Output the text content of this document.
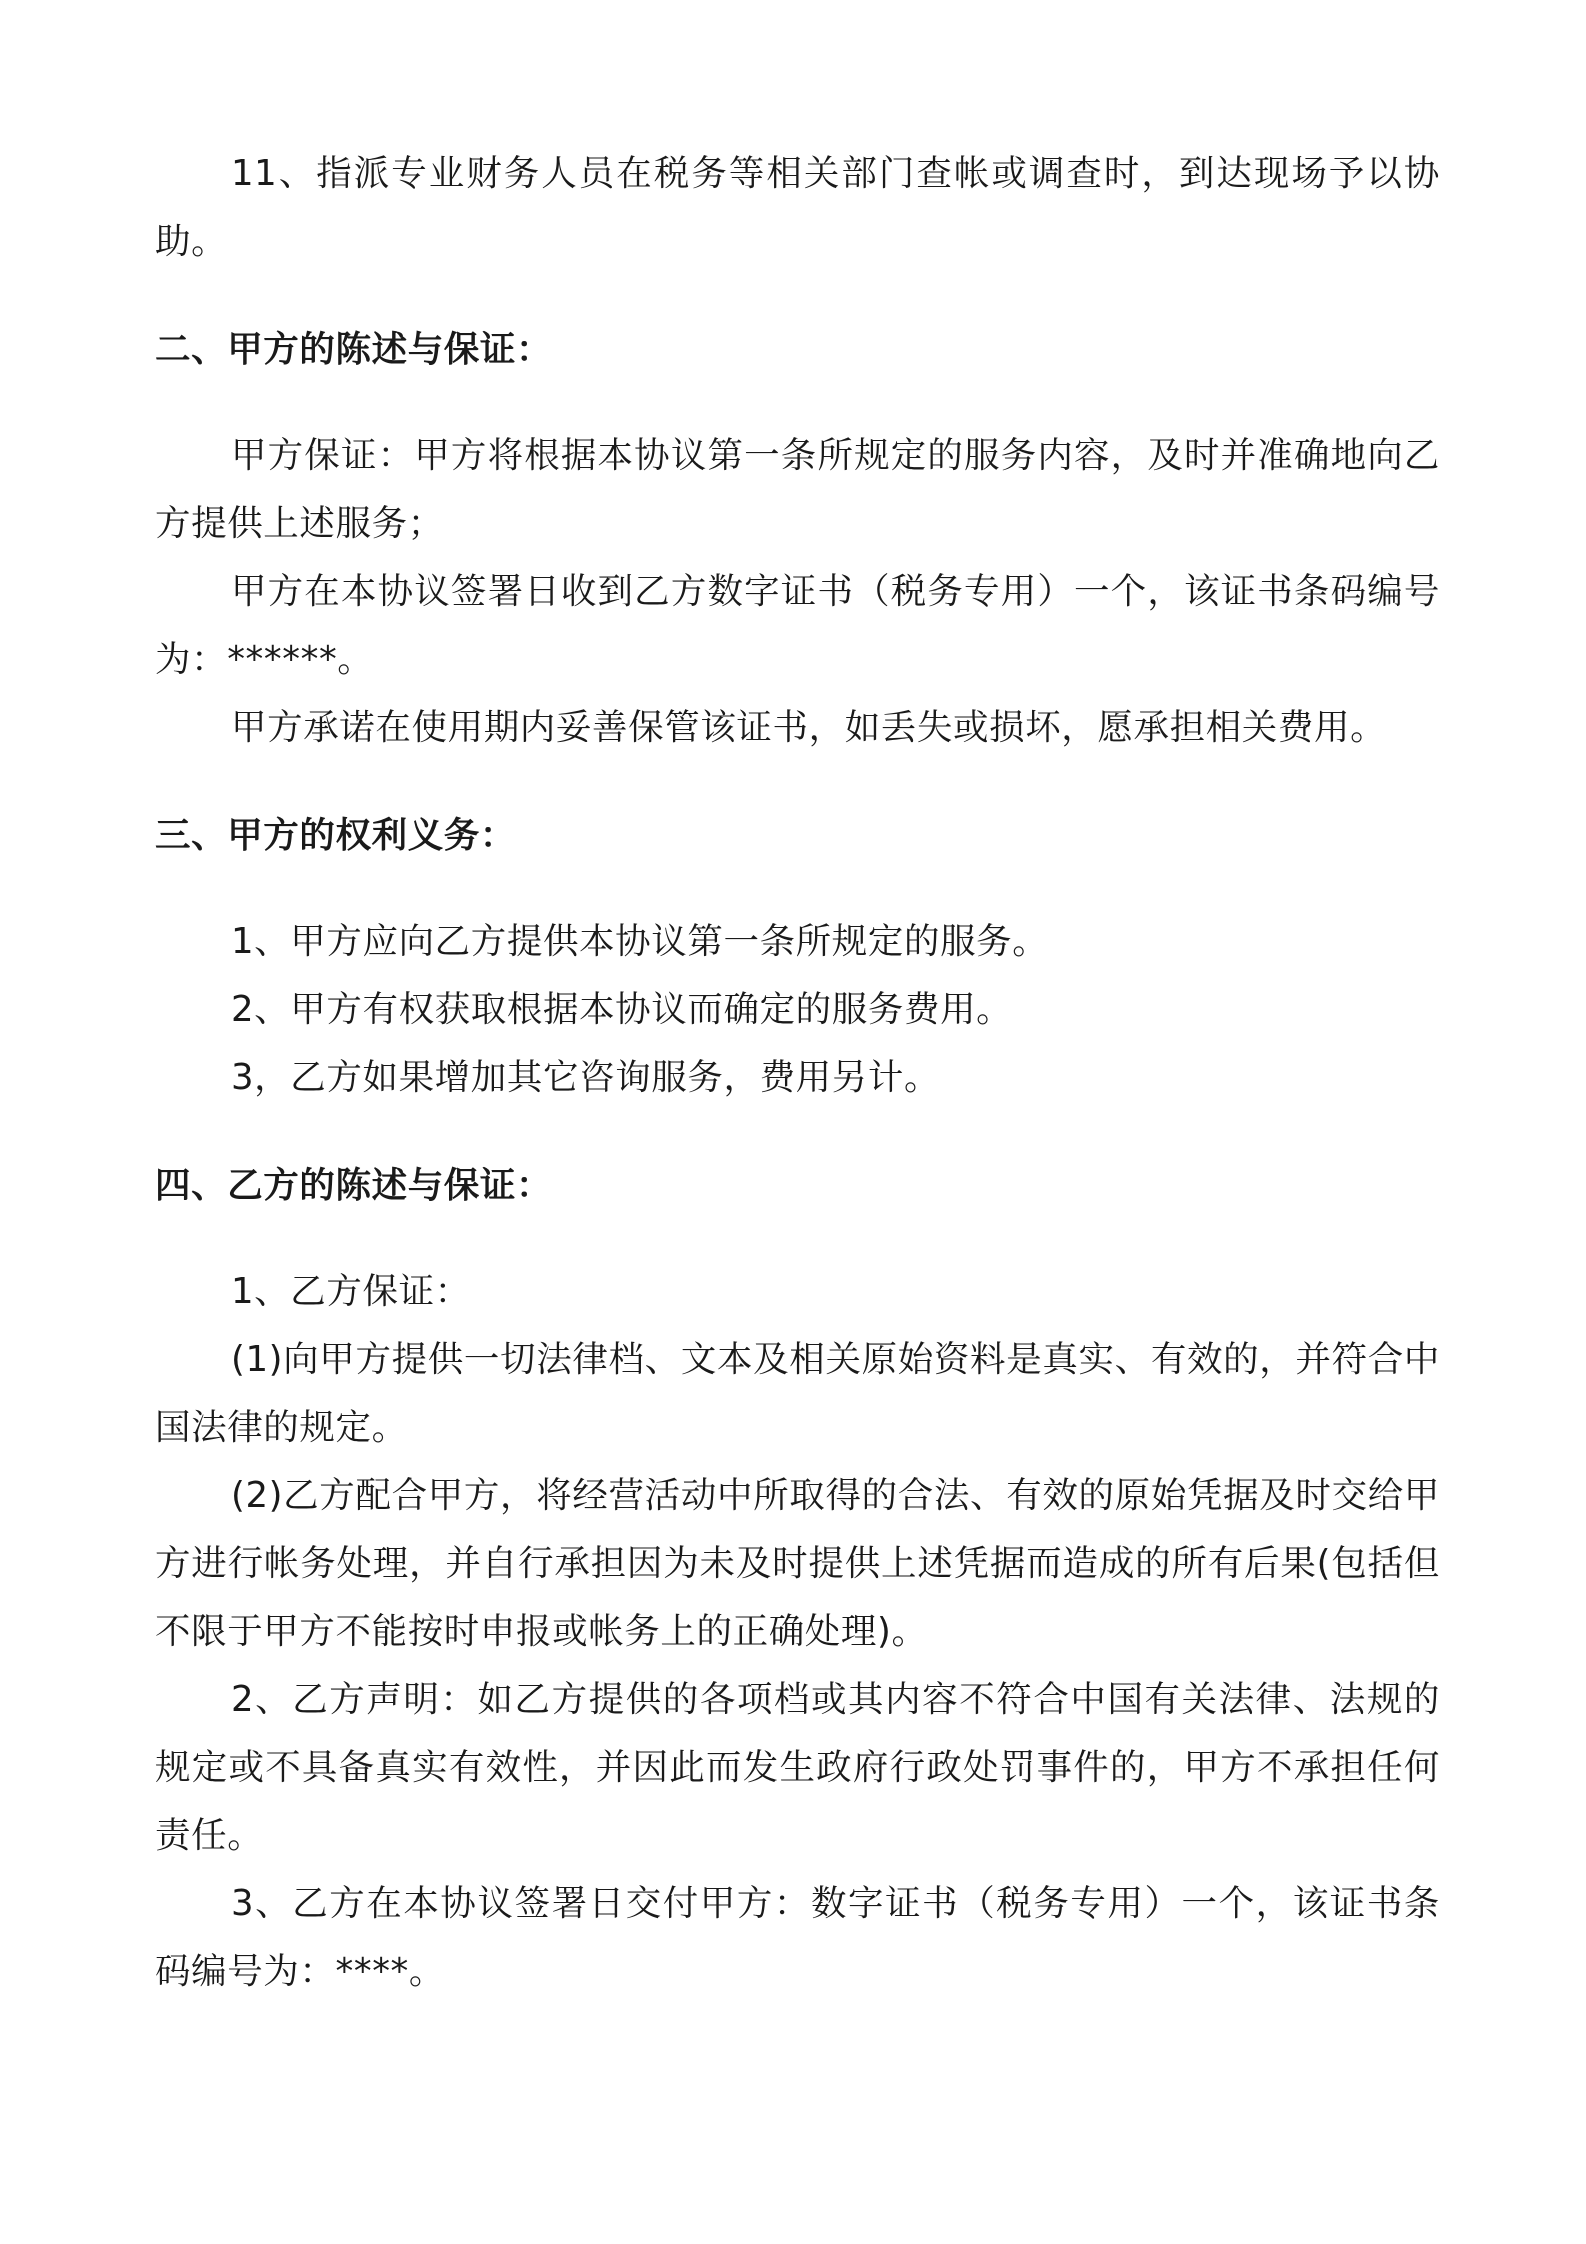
11、指派专业财务人员在税务等相关部门查帐或调查时，到达现场予以协助。

二、甲方的陈述与保证：

甲方保证：甲方将根据本协议第一条所规定的服务内容，及时并准确地向乙方提供上述服务；

甲方在本协议签署日收到乙方数字证书（税务专用）一个，该证书条码编号为：******。

甲方承诺在使用期内妥善保管该证书，如丢失或损坏，愿承担相关费用。

三、甲方的权利义务：

1、甲方应向乙方提供本协议第一条所规定的服务。

2、甲方有权获取根据本协议而确定的服务费用。

3，乙方如果增加其它咨询服务，费用另计。

四、乙方的陈述与保证：

1、乙方保证：

(1)向甲方提供一切法律档、文本及相关原始资料是真实、有效的，并符合中国法律的规定。

(2)乙方配合甲方，将经营活动中所取得的合法、有效的原始凭据及时交给甲方进行帐务处理，并自行承担因为未及时提供上述凭据而造成的所有后果(包括但不限于甲方不能按时申报或帐务上的正确处理)。

2、乙方声明：如乙方提供的各项档或其内容不符合中国有关法律、法规的规定或不具备真实有效性，并因此而发生政府行政处罚事件的，甲方不承担任何责任。

3、乙方在本协议签署日交付甲方：数字证书（税务专用）一个，该证书条码编号为：****。
